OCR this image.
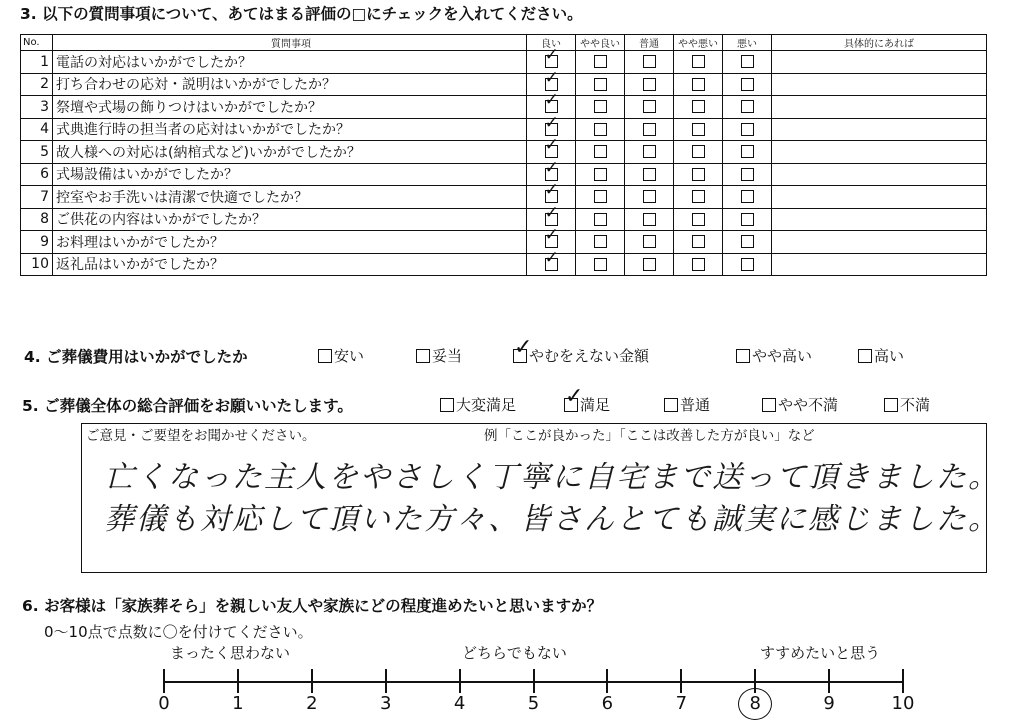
3. 以下の質問事項について、あてはまる評価の□にチェックを入れてください。
No.	質問事項	良い	やや良い	普通	やや悪い	悪い	具体的にあれば
1	電話の対応はいかがでしたか？	✓					
2	打ち合わせの応対・説明はいかがでしたか？	✓					
3	祭壇や式場の飾りつけはいかがでしたか？	✓					
4	式典進行時の担当者の応対はいかがでしたか？	✓					
5	故人様への対応は(納棺式など)いかがでしたか？	✓					
6	式場設備はいかがでしたか？	✓					
7	控室やお手洗いは清潔で快適でしたか？	✓					
8	ご供花の内容はいかがでしたか？	✓					
9	お料理はいかがでしたか？	✓					
10	返礼品はいかがでしたか？	✓					
4. ご葬儀費用はいかがでしたか	安い	妥当 ✓	やむをえない金額	やや高い	高い
5. ご葬儀全体の総合評価をお願いいたします。	大変満足 ✓	満足	普通	やや不満	不満
ご意見・ご要望をお聞かせください。	例「ここが良かった」「ここは改善した方が良い」など
亡くなった主人をやさしく丁寧に自宅まで送って頂きました。
葬儀も対応して頂いた方々、皆さんとても誠実に感じました。
6. お客様は「家族葬そら」を親しい友人や家族にどの程度進めたいと思いますか？
0～10点で点数に〇を付けてください。
まったく思わない	どちらでもない	すすめたいと思う
0	1	2	3	4	5	6	7	8	9	10
